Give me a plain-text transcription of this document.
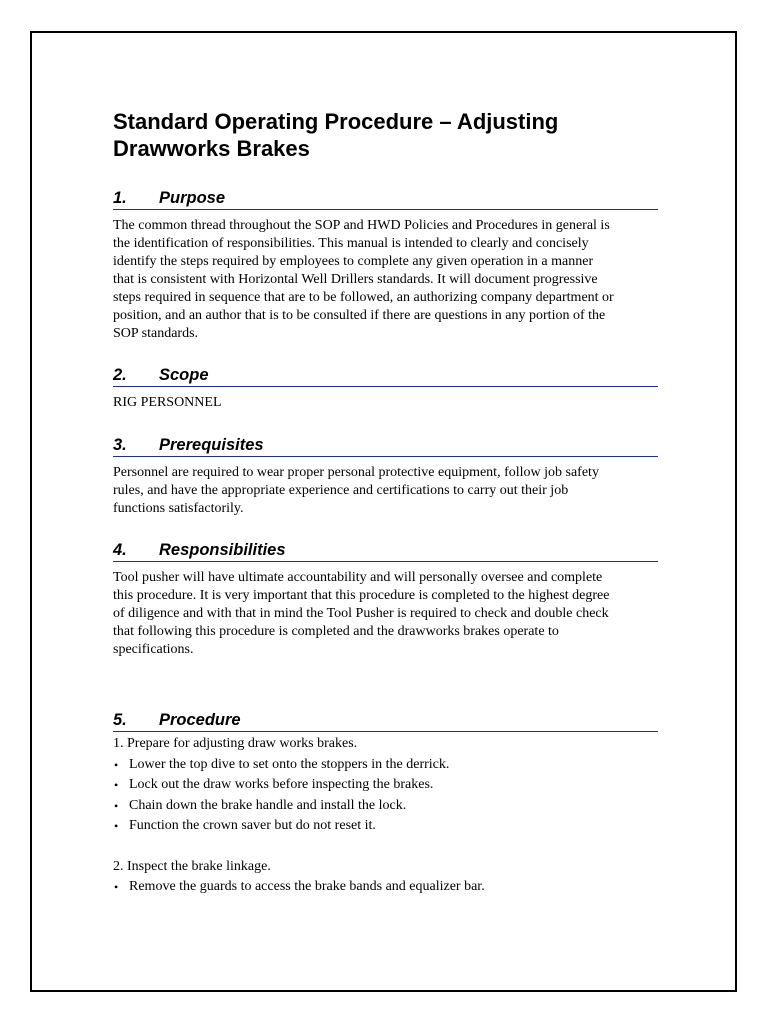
Standard Operating Procedure – Adjusting
Drawworks Brakes
1. Purpose
The common thread throughout the SOP and HWD Policies and Procedures in general is
the identification of responsibilities. This manual is intended to clearly and concisely
identify the steps required by employees to complete any given operation in a manner
that is consistent with Horizontal Well Drillers standards. It will document progressive
steps required in sequence that are to be followed, an authorizing company department or
position, and an author that is to be consulted if there are questions in any portion of the
SOP standards.
2. Scope
RIG PERSONNEL
3. Prerequisites
Personnel are required to wear proper personal protective equipment, follow job safety
rules, and have the appropriate experience and certifications to carry out their job
functions satisfactorily.
4. Responsibilities
Tool pusher will have ultimate accountability and will personally oversee and complete
this procedure. It is very important that this procedure is completed to the highest degree
of diligence and with that in mind the Tool Pusher is required to check and double check
that following this procedure is completed and the drawworks brakes operate to
specifications.
5. Procedure
1. Prepare for adjusting draw works brakes.
• Lower the top dive to set onto the stoppers in the derrick.
• Lock out the draw works before inspecting the brakes.
• Chain down the brake handle and install the lock.
• Function the crown saver but do not reset it.
2. Inspect the brake linkage.
• Remove the guards to access the brake bands and equalizer bar.
